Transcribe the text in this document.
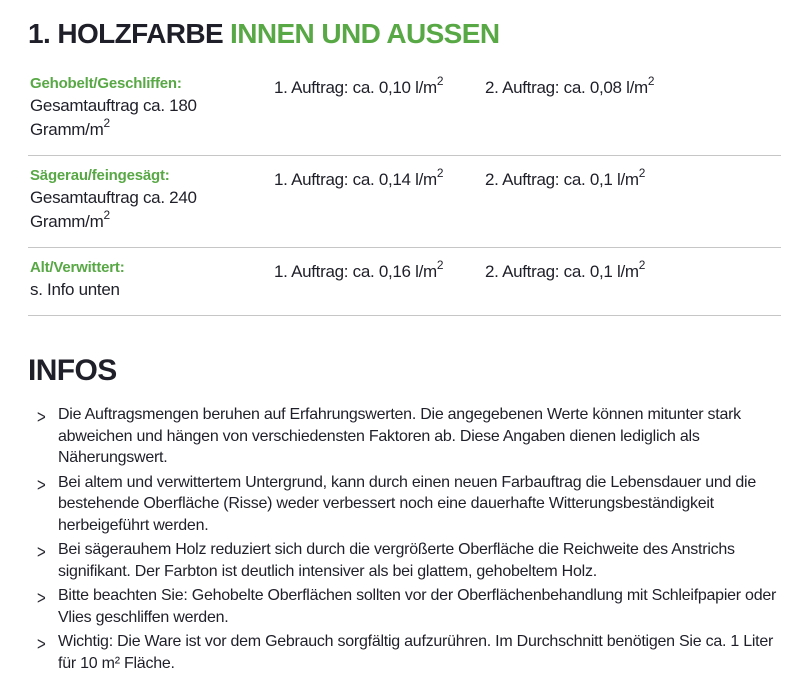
1. HOLZFARBE INNEN UND AUSSEN
Gehobelt/Geschliffen:
Gesamtauftrag ca. 180 Gramm/$m^2$
1. Auftrag: ca. 0,10 $l/m^2$	2. Auftrag: ca. 0,08 $l/m^2$
Sägerau/feingesägt:
Gesamtauftrag ca. 240 Gramm/$m^2$
1. Auftrag: ca. 0,14 $l/m^2$	2. Auftrag: ca. 0,1 $l/m^2$
Alt/Verwittert:
s. Info unten
1. Auftrag: ca. 0,16 $l/m^2$	2. Auftrag: ca. 0,1 $l/m^2$
INFOS
> Die Auftragsmengen beruhen auf Erfahrungswerten. Die angegebenen Werte können mitunter stark abweichen und hängen von verschiedensten Faktoren ab. Diese Angaben dienen lediglich als Näherungswert.
> Bei altem und verwittertem Untergrund, kann durch einen neuen Farbauftrag die Lebensdauer und die bestehende Oberfläche (Risse) weder verbessert noch eine dauerhafte Witterungsbeständigkeit herbeigeführt werden.
> Bei sägerauhem Holz reduziert sich durch die vergrößerte Oberfläche die Reichweite des Anstrichs signifikant. Der Farbton ist deutlich intensiver als bei glattem, gehobeltem Holz.
> Bitte beachten Sie: Gehobelte Oberflächen sollten vor der Oberflächenbehandlung mit Schleifpapier oder Vlies geschliffen werden.
> Wichtig: Die Ware ist vor dem Gebrauch sorgfältig aufzurühren. Im Durchschnitt benötigen Sie ca. 1 Liter für 10 m² Fläche.
